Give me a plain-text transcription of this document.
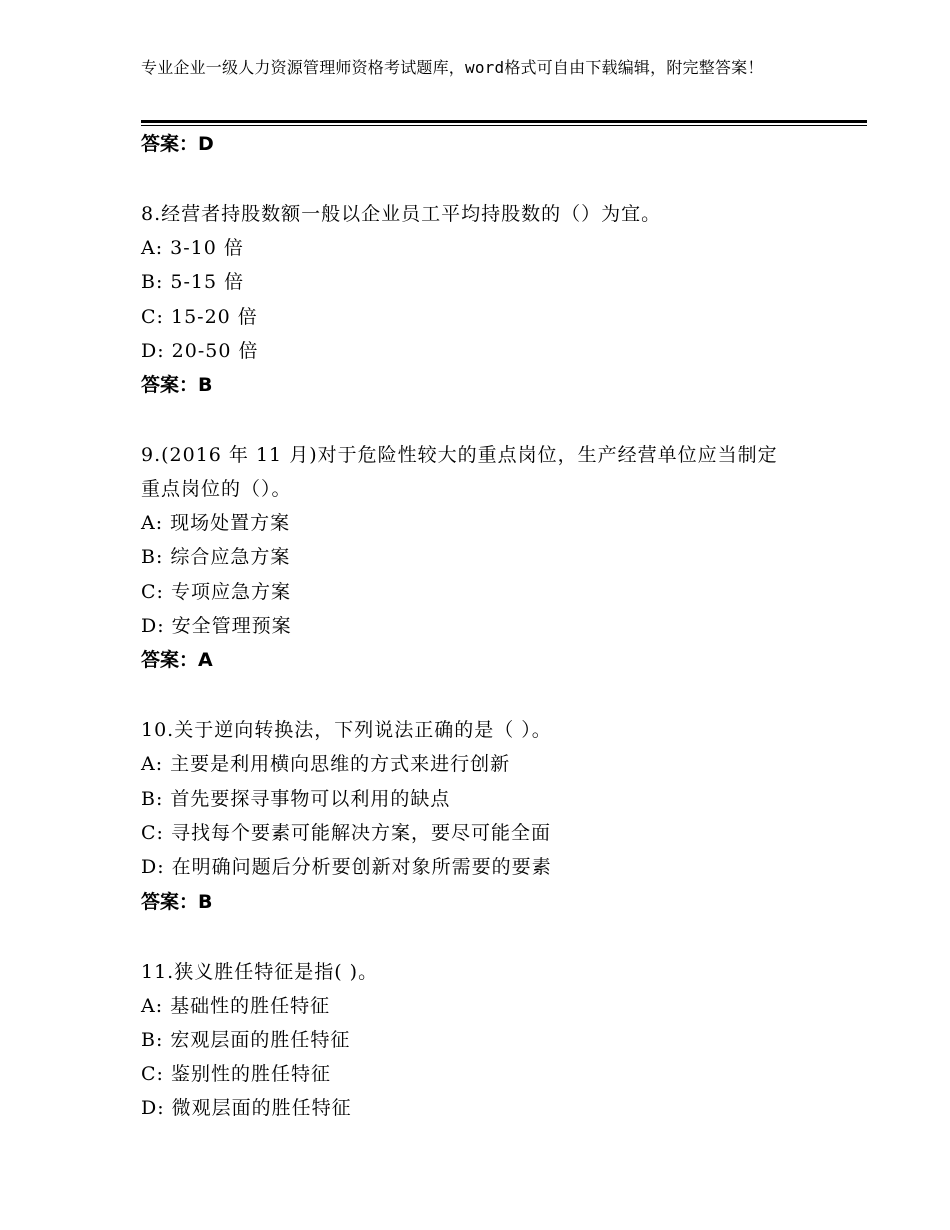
专业企业一级人力资源管理师资格考试题库，word格式可自由下载编辑，附完整答案！

答案：D

8.经营者持股数额一般以企业员工平均持股数的（）为宜。

A: 3-10 倍

B: 5-15 倍

C: 15-20 倍

D: 20-50 倍

答案：B

9.(2016 年 11 月)对于危险性较大的重点岗位，生产经营单位应当制定

重点岗位的（）。

A: 现场处置方案

B: 综合应急方案

C: 专项应急方案

D: 安全管理预案

答案：A

10.关于逆向转换法，下列说法正确的是（ ）。

A: 主要是利用横向思维的方式来进行创新

B: 首先要探寻事物可以利用的缺点

C: 寻找每个要素可能解决方案，要尽可能全面

D: 在明确问题后分析要创新对象所需要的要素

答案：B

11.狭义胜任特征是指( )。

A: 基础性的胜任特征

B: 宏观层面的胜任特征

C: 鉴别性的胜任特征

D: 微观层面的胜任特征
